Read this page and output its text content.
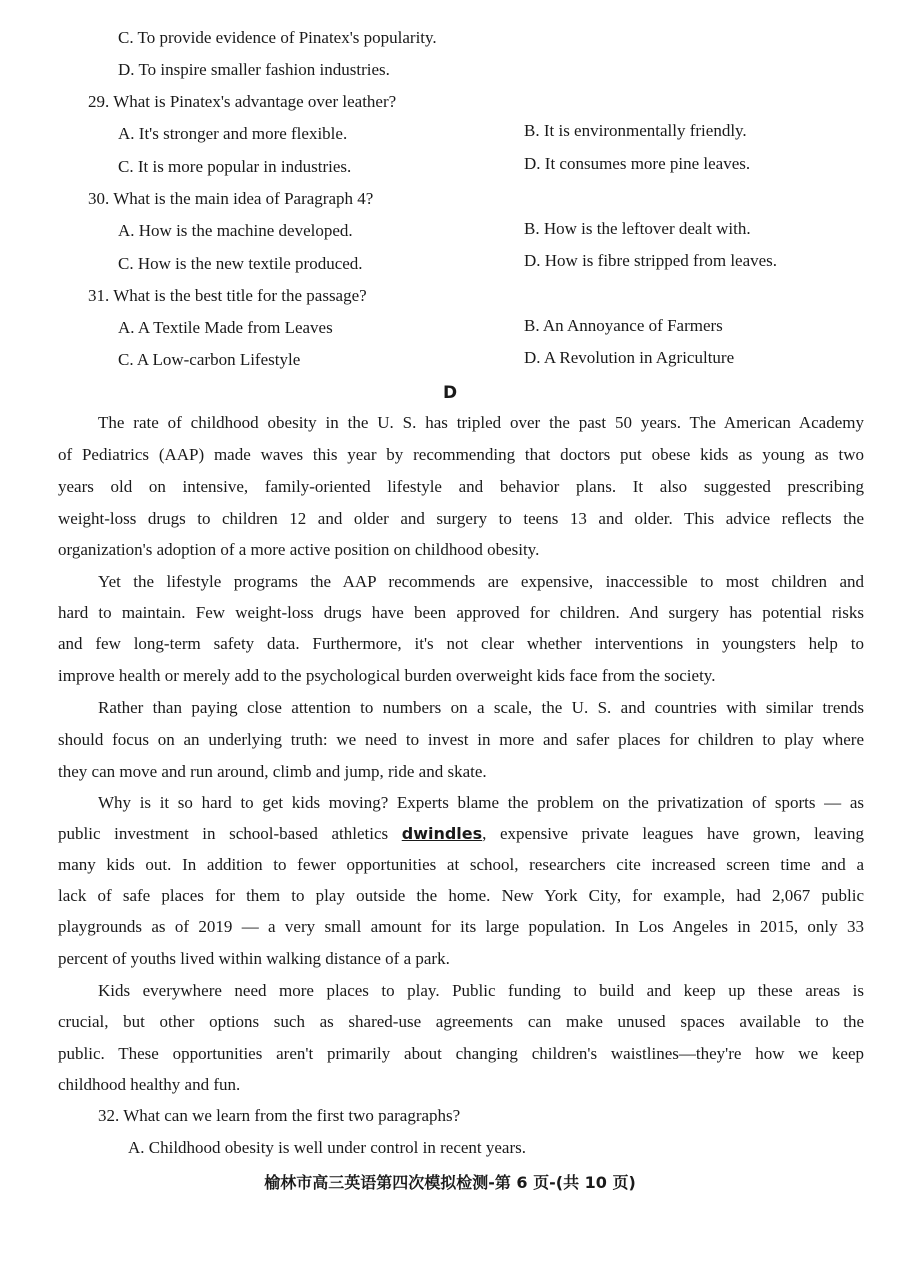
C. To provide evidence of Pinatex's popularity.
D. To inspire smaller fashion industries.
29. What is Pinatex's advantage over leather?
A. It's stronger and more flexible.	B. It is environmentally friendly.
C. It is more popular in industries.	D. It consumes more pine leaves.
30. What is the main idea of Paragraph 4?
A. How is the machine developed.	B. How is the leftover dealt with.
C. How is the new textile produced.	D. How is fibre stripped from leaves.
31. What is the best title for the passage?
A. A Textile Made from Leaves	B. An Annoyance of Farmers
C. A Low-carbon Lifestyle	D. A Revolution in Agriculture
D
The rate of childhood obesity in the U. S. has tripled over the past 50 years. The American Academy
of Pediatrics (AAP) made waves this year by recommending that doctors put obese kids as young as two
years old on intensive, family-oriented lifestyle and behavior plans. It also suggested prescribing
weight-loss drugs to children 12 and older and surgery to teens 13 and older. This advice reflects the
organization's adoption of a more active position on childhood obesity.
Yet the lifestyle programs the AAP recommends are expensive, inaccessible to most children and
hard to maintain. Few weight-loss drugs have been approved for children. And surgery has potential risks
and few long-term safety data. Furthermore, it's not clear whether interventions in youngsters help to
improve health or merely add to the psychological burden overweight kids face from the society.
Rather than paying close attention to numbers on a scale, the U. S. and countries with similar trends
should focus on an underlying truth: we need to invest in more and safer places for children to play where
they can move and run around, climb and jump, ride and skate.
Why is it so hard to get kids moving? Experts blame the problem on the privatization of sports — as
public investment in school-based athletics dwindles, expensive private leagues have grown, leaving
many kids out. In addition to fewer opportunities at school, researchers cite increased screen time and a
lack of safe places for them to play outside the home. New York City, for example, had 2,067 public
playgrounds as of 2019 — a very small amount for its large population. In Los Angeles in 2015, only 33
percent of youths lived within walking distance of a park.
Kids everywhere need more places to play. Public funding to build and keep up these areas is
crucial, but other options such as shared-use agreements can make unused spaces available to the
public. These opportunities aren't primarily about changing children's waistlines—they're how we keep
childhood healthy and fun.
32. What can we learn from the first two paragraphs?
A. Childhood obesity is well under control in recent years.
榆林市高三英语第四次模拟检测-第 6 页-(共 10 页)
